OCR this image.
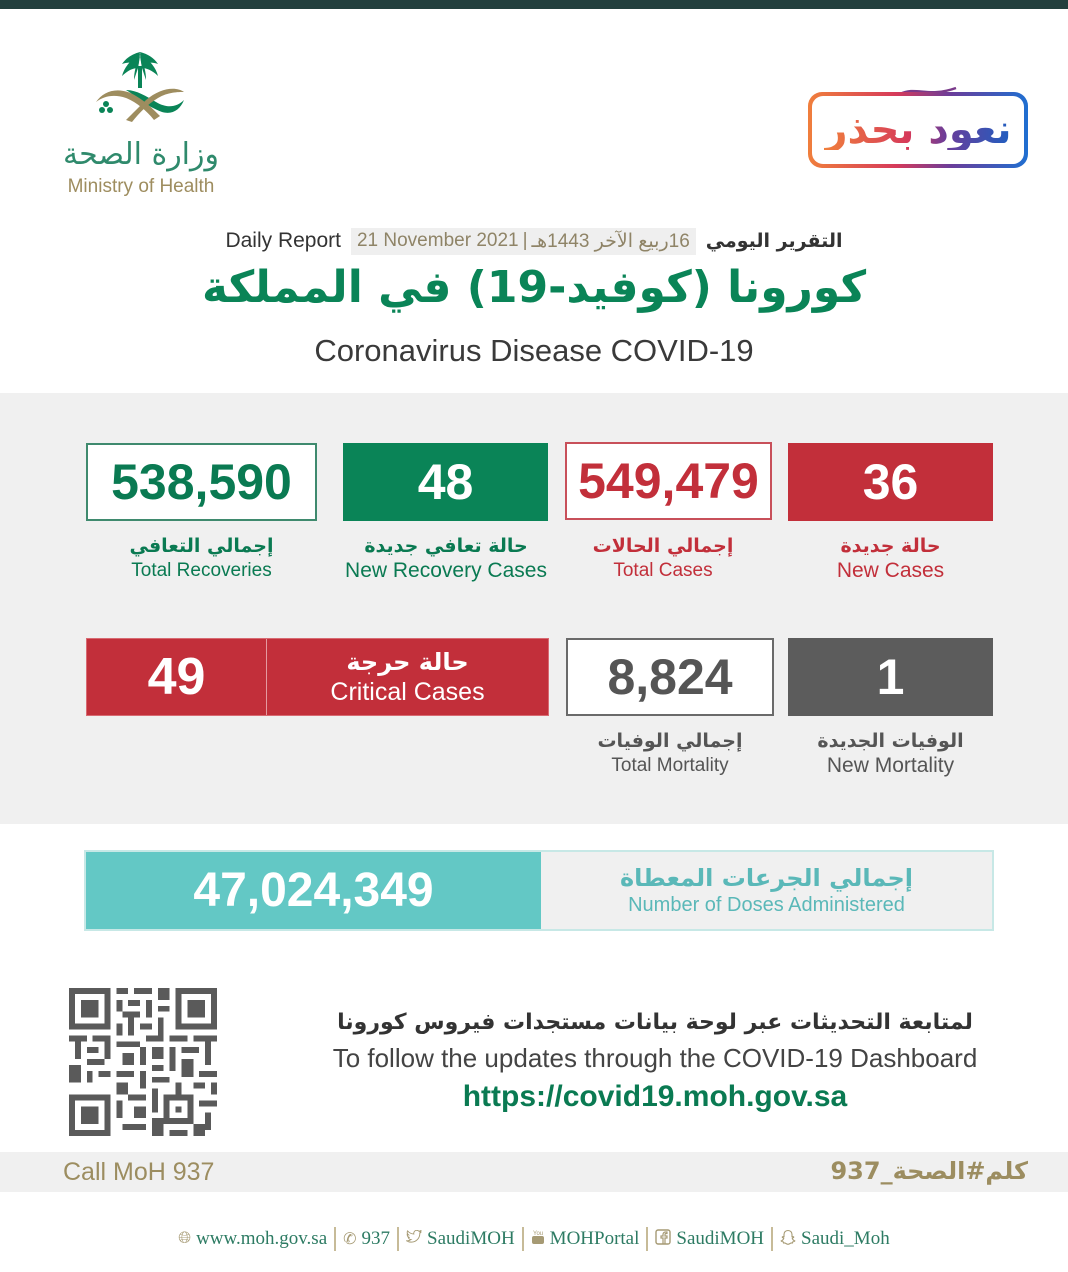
وزارة الصحة
Ministry of Health
نعود بحذر
Daily Report 21 November 2021 | 16ربيع الآخر 1443هـ التقرير اليومي
كورونا (كوفيد-19) في المملكة
Coronavirus Disease COVID-19
538,590
إجمالي التعافي
Total Recoveries
48
حالة تعافي جديدة
New Recovery Cases
549,479
إجمالي الحالات
Total Cases
36
حالة جديدة
New Cases
49	حالة حرجة
Critical Cases 8,824
إجمالي الوفيات
Total Mortality
1
الوفيات الجديدة
New Mortality
47,024,349	إجمالي الجرعات المعطاة
Number of Doses Administered
لمتابعة التحديثات عبر لوحة بيانات مستجدات فيروس كورونا
To follow the updates through the COVID-19 Dashboard
https://covid19.moh.gov.sa
Call MoH 937	كلم#الصحة_937
🌐︎ www.moh.gov.sa ✆ 937 SaudiMOH	You MOHPortal SaudiMOH Saudi_Moh
